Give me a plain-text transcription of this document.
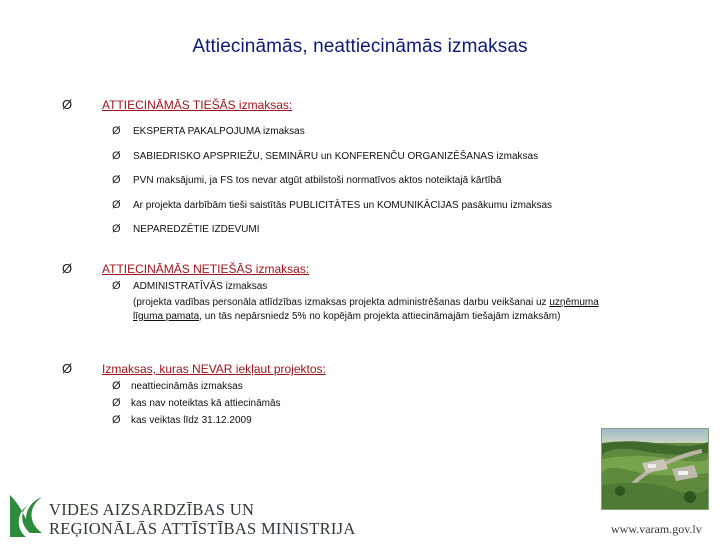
Attiecināmās, neattiecināmās izmaksas
Ø	ATTIECINĀMĀS TIEŠĀS izmaksas:
Ø	EKSPERTA PAKALPOJUMA izmaksas
Ø	SABIEDRISKO APSPRIEŽU, SEMINĀRU un KONFERENČU ORGANIZĒŠANAS izmaksas
Ø	PVN maksājumi, ja FS tos nevar atgūt atbilstoši normatīvos aktos noteiktajā kārtībā
Ø	Ar projekta darbībām tieši saistītās PUBLICITĀTES un KOMUNIKĀCIJAS pasākumu izmaksas
Ø	NEPAREDZĒTIE IZDEVUMI
Ø	ATTIECINĀMĀS NETIEŠĀS izmaksas:
Ø	ADMINISTRATĪVĀS izmaksas
(projekta vadības personāla atlīdzības izmaksas projekta administrēšanas darbu veikšanai uz uzņēmuma līguma pamata, un tās nepārsniedz 5% no kopējām projekta attiecināmajām tiešajām izmaksām)
Ø	Izmaksas, kuras NEVAR iekļaut projektos:
Ø	neattiecināmās izmaksas
Ø	kas nav noteiktas kā attiecināmās
Ø	kas veiktas līdz 31.12.2009
VIDES AIZSARDZĪBAS UN
REĢIONĀLĀS ATTĪSTĪBAS MINISTRIJA	www.varam.gov.lv
